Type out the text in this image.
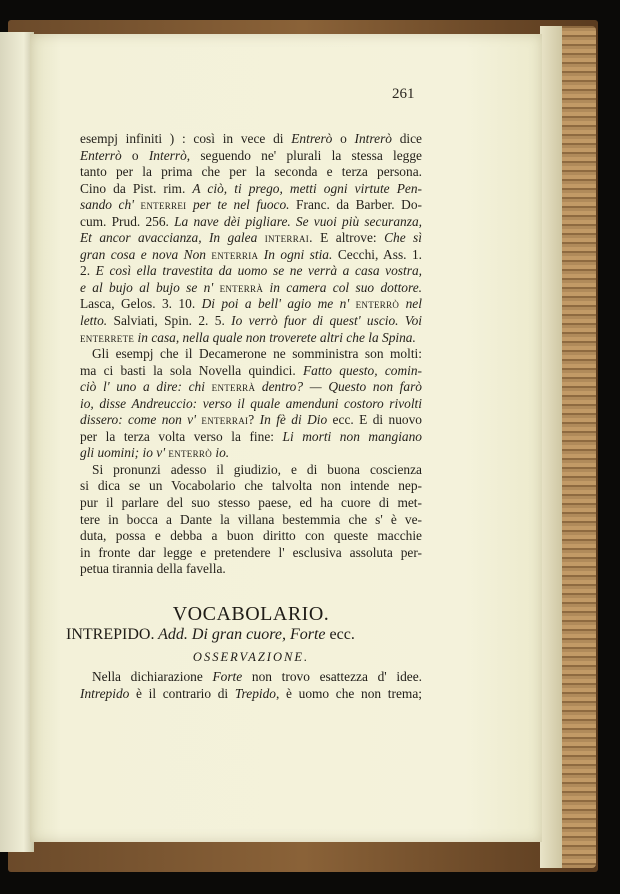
261
esempj infiniti ) : così in vece di Entrerò o Intrerò dice
Enterrò o Interrò, seguendo ne' plurali la stessa legge
tanto per la prima che per la seconda e terza persona.
Cino da Pist. rim. A ciò, ti prego, metti ogni virtute Pen-
sando ch' enterrei per te nel fuoco. Franc. da Barber. Do-
cum. Prud. 256. La nave dèi pigliare. Se vuoi più securanza,
Et ancor avaccianza, In galea interrai. E altrove: Che sì
gran cosa e nova Non enterria In ogni stia. Cecchi, Ass. 1.
2. E così ella travestita da uomo se ne verrà a casa vostra,
e al bujo al bujo se n' enterrà in camera col suo dottore.
Lasca, Gelos. 3. 10. Di poi a bell' agio me n' enterrò nel
letto. Salviati, Spin. 2. 5. Io verrò fuor di quest' uscio. Voi
enterrete in casa, nella quale non troverete altri che la Spina.
Gli esempj che il Decamerone ne somministra son molti:
ma ci basti la sola Novella quindici. Fatto questo, comin-
ciò l' uno a dire: chi enterrà dentro? — Questo non farò
io, disse Andreuccio: verso il quale amenduni costoro rivolti
dissero: come non v' enterrai? In fè di Dio ecc. E di nuovo
per la terza volta verso la fine: Li morti non mangiano
gli uomini; io v' enterrò io.
Si pronunzi adesso il giudizio, e di buona coscienza
si dica se un Vocabolario che talvolta non intende nep-
pur il parlare del suo stesso paese, ed ha cuore di met-
tere in bocca a Dante la villana bestemmia che s' è ve-
duta, possa e debba a buon diritto con queste macchie
in fronte dar legge e pretendere l' esclusiva assoluta per-
petua tirannia della favella.
VOCABOLARIO.
INTREPIDO. Add. Di gran cuore, Forte ecc.
OSSERVAZIONE.
Nella dichiarazione Forte non trovo esattezza d' idee.
Intrepido è il contrario di Trepido, è uomo che non trema;
